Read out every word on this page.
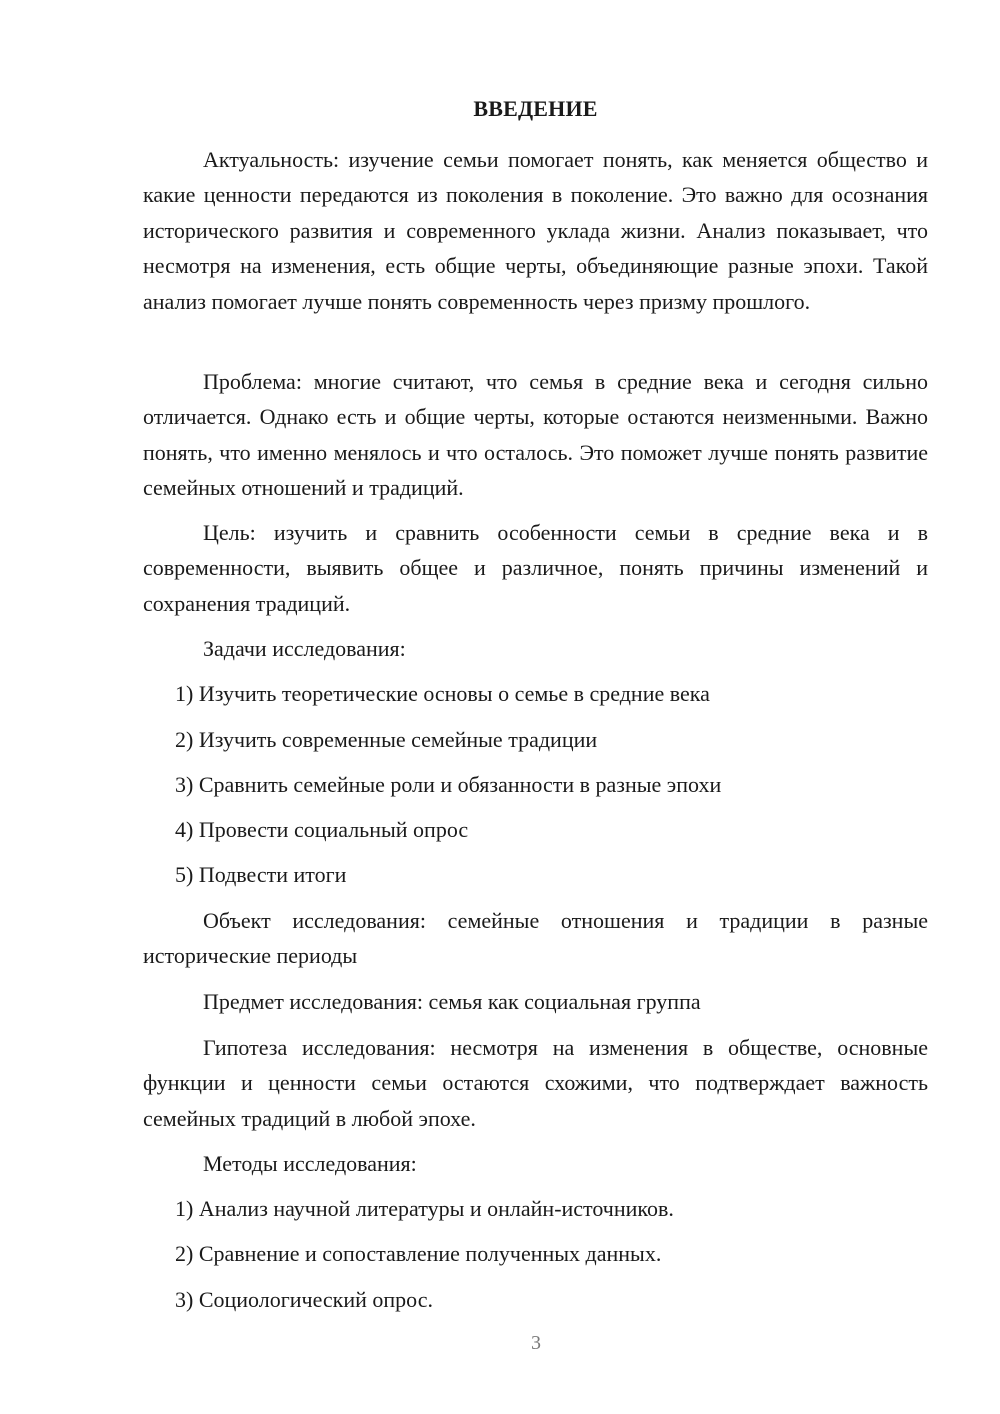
ВВЕДЕНИЕ

Актуальность: изучение семьи помогает понять, как меняется общество и какие ценности передаются из поколения в поколение. Это важно для осознания исторического развития и современного уклада жизни. Анализ показывает, что несмотря на изменения, есть общие черты, объединяющие разные эпохи. Такой анализ помогает лучше понять современность через призму прошлого.

Проблема: многие считают, что семья в средние века и сегодня сильно отличается. Однако есть и общие черты, которые остаются неизменными. Важно понять, что именно менялось и что осталось. Это поможет лучше понять развитие семейных отношений и традиций.

Цель: изучить и сравнить особенности семьи в средние века и в современности, выявить общее и различное, понять причины изменений и сохранения традиций.

Задачи исследования:

1) Изучить теоретические основы о семье в средние века

2) Изучить современные семейные традиции

3) Сравнить семейные роли и обязанности в разные эпохи

4) Провести социальный опрос

5) Подвести итоги

Объект исследования: семейные отношения и традиции в разные исторические периоды

Предмет исследования: семья как социальная группа

Гипотеза исследования: несмотря на изменения в обществе, основные функции и ценности семьи остаются схожими, что подтверждает важность семейных традиций в любой эпохе.

Методы исследования:

1) Анализ научной литературы и онлайн-источников.

2) Сравнение и сопоставление полученных данных.

3) Социологический опрос.

3
